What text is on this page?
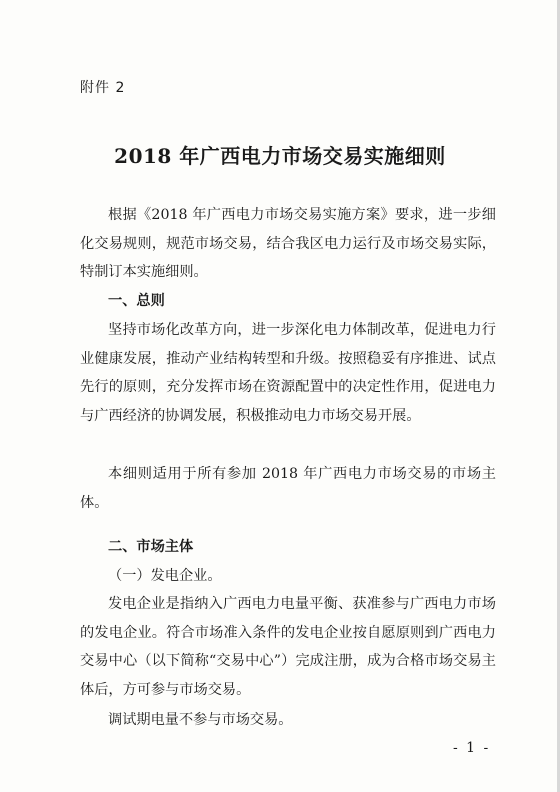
附件 2
2018 年广西电力市场交易实施细则

根据《2018 年广西电力市场交易实施方案》要求，进一步细化交易规则，规范市场交易，结合我区电力运行及市场交易实际，特制订本实施细则。

一、总则

坚持市场化改革方向，进一步深化电力体制改革，促进电力行业健康发展，推动产业结构转型和升级。按照稳妥有序推进、试点先行的原则，充分发挥市场在资源配置中的决定性作用，促进电力与广西经济的协调发展，积极推动电力市场交易开展。

本细则适用于所有参加 2018 年广西电力市场交易的市场主体。

二、市场主体

（一）发电企业。

发电企业是指纳入广西电力电量平衡、获准参与广西电力市场的发电企业。符合市场准入条件的发电企业按自愿原则到广西电力交易中心（以下简称“交易中心”）完成注册，成为合格市场交易主体后，方可参与市场交易。

调试期电量不参与市场交易。

- 1 -
